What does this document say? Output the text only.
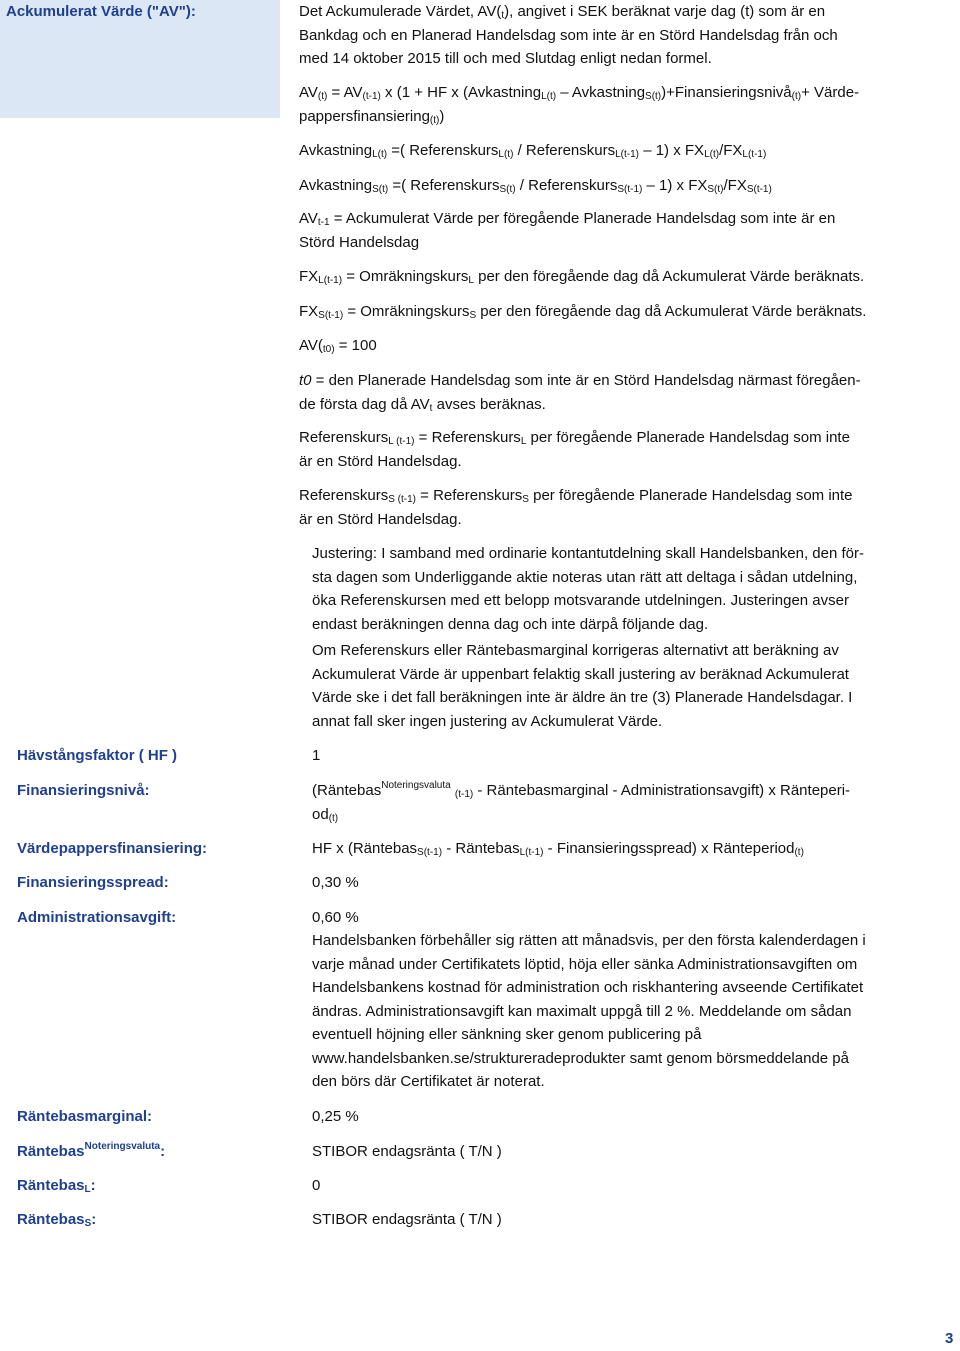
Ackumulerat Värde ("AV"):	Det Ackumulerade Värdet, $AV(_t)$, angivet i SEK beräknat varje dag (t) som är en

Bankdag och en Planerad Handelsdag som inte är en Störd Handelsdag från och

med 14 oktober 2015 till och med Slutdag enligt nedan formel.

$AV_{(t)} = AV_{(t-1)}$ x (1 + HF x (Avkastning$_{L(t)}$ – Avkastning$_{S(t)}$)+Finansieringsnivå$_{(t)}$+ Värde-

pappersfinansiering$_{(t)}$)

Avkastning$_{L(t)}$ =( Referenskurs$_{L(t)}$ / Referenskurs$_{L(t-1)}$ – 1) x $FX_{L(t)}/FX_{L(t-1)}$

Avkastning$_{S(t)}$ =( Referenskurs$_{S(t)}$ / Referenskurs$_{S(t-1)}$ – 1) x $FX_{S(t)}/FX_{S(t-1)}$

$AV_{t-1}$ = Ackumulerat Värde per föregående Planerade Handelsdag som inte är en

Störd Handelsdag

$FX_{L(t-1)}$ = Omräkningskurs$_L$ per den föregående dag då Ackumulerat Värde beräknats.

$FX_{S(t-1)}$ = Omräkningskurs$_S$ per den föregående dag då Ackumulerat Värde beräknats.

$AV(_{t0)} = 100$

t0 = den Planerade Handelsdag som inte är en Störd Handelsdag närmast föregåen-

de första dag då $AV_t$ avses beräknas.

Referenskurs$_{L (t-1)}$ = Referenskurs$_L$ per föregående Planerade Handelsdag som inte

är en Störd Handelsdag.

Referenskurs$_{S (t-1)}$ = Referenskurs$_S$ per föregående Planerade Handelsdag som inte

är en Störd Handelsdag.

Justering: I samband med ordinarie kontantutdelning skall Handelsbanken, den för-

sta dagen som Underliggande aktie noteras utan rätt att deltaga i sådan utdelning,

öka Referenskursen med ett belopp motsvarande utdelningen. Justeringen avser

endast beräkningen denna dag och inte därpå följande dag.

Om Referenskurs eller Räntebasmarginal korrigeras alternativt att beräkning av

Ackumulerat Värde är uppenbart felaktig skall justering av beräknad Ackumulerat

Värde ske i det fall beräkningen inte är äldre än tre (3) Planerade Handelsdagar. I

annat fall sker ingen justering av Ackumulerat Värde.

Hävstångsfaktor ( HF )	1
Finansieringsnivå:	(Räntebas$^{Noteringsvaluta}$ $_{(t-1)}$ - Räntebasmarginal - Administrationsavgift) x Ränteperi-

$od_{(t)}$

Värdepappersfinansiering:	HF x (Räntebas$_{S(t-1)}$ - Räntebas$_{L(t-1)}$ - Finansieringsspread) x Ränteperiod$_{(t)}$

Finansieringsspread:	0,30 %
Administrationsavgift:	0,60 %

Handelsbanken förbehåller sig rätten att månadsvis, per den första kalenderdagen i

varje månad under Certifikatets löptid, höja eller sänka Administrationsavgiften om

Handelsbankens kostnad för administration och riskhantering avseende Certifikatet

ändras. Administrationsavgift kan maximalt uppgå till 2 %. Meddelande om sådan

eventuell höjning eller sänkning sker genom publicering på

www.handelsbanken.se/struktureradeprodukter samt genom börsmeddelande på

den börs där Certifikatet är noterat.

Räntebasmarginal:	0,25 %
Räntebas$^{Noteringsvaluta}$:	STIBOR endagsränta ( T/N )
Räntebas$_L$:	0
Räntebas$_S$:	STIBOR endagsränta ( T/N )
3
